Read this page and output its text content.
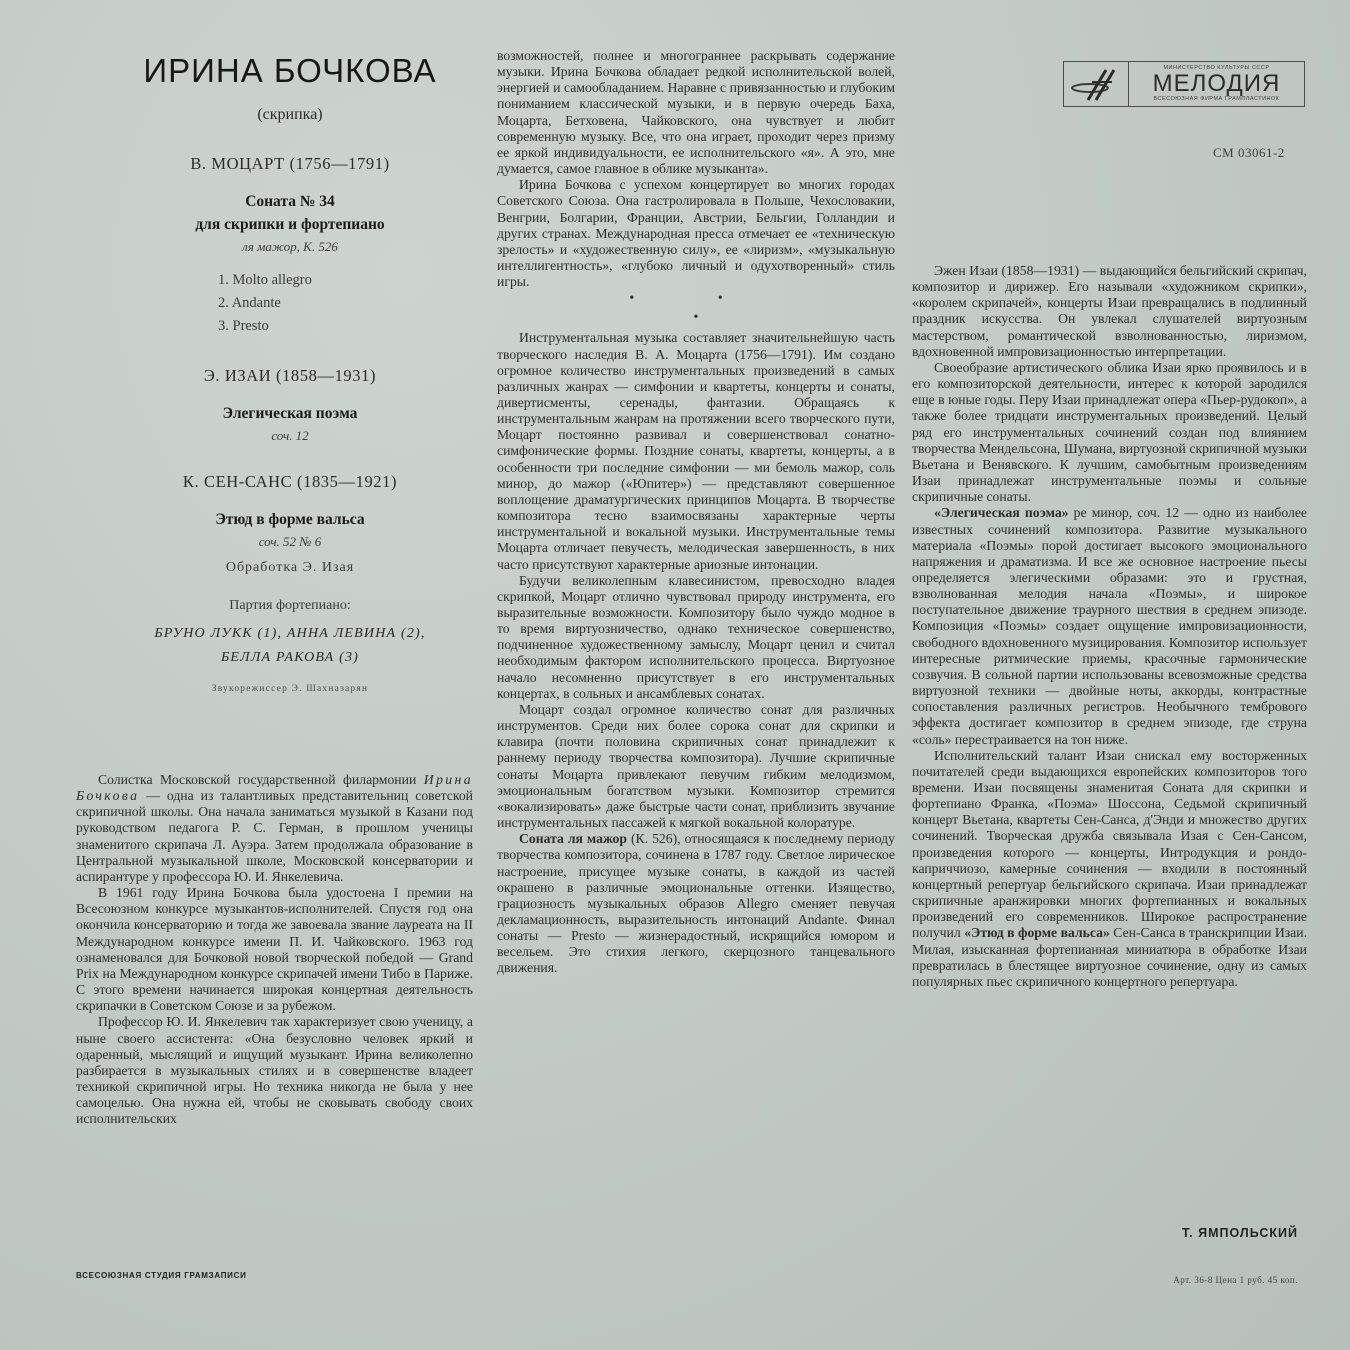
ИРИНА БОЧКОВА
(скрипка)
В. МОЦАРТ (1756—1791)
Соната № 34
для скрипки и фортепиано
ля мажор, К. 526
1. Molto allegro
2. Andante
3. Presto
Э. ИЗАИ (1858—1931)
Элегическая поэма
соч. 12
К. СЕН-САНС (1835—1921)
Этюд в форме вальса
соч. 52 № 6
Обработка Э. Изая
Партия фортепиано:
БРУНО ЛУКК (1), АННА ЛЕВИНА (2),
БЕЛЛА РАКОВА (3)
Звукорежиссер Э. Шахназарян

Солистка Московской государственной филармонии Ирина Бочкова — одна из талантливых представительниц советской скрипичной школы. Она начала заниматься музыкой в Казани под руководством педагога Р. С. Герман, в прошлом ученицы знаменитого скрипача Л. Ауэра. Затем продолжала образование в Центральной музыкальной школе, Московской консерватории и аспирантуре у профессора Ю. И. Янкелевича.

В 1961 году Ирина Бочкова была удостоена I премии на Всесоюзном конкурсе музыкантов-исполнителей. Спустя год она окончила консерваторию и тогда же завоевала звание лауреата на II Международном конкурсе имени П. И. Чайковского. 1963 год ознаменовался для Бочковой новой творческой победой — Grand Prix на Международном конкурсе скрипачей имени Тибо в Париже. С этого времени начинается широкая концертная деятельность скрипачки в Советском Союзе и за рубежом.

Профессор Ю. И. Янкелевич так характеризует свою ученицу, а ныне своего ассистента: «Она безусловно человек яркий и одаренный, мыслящий и ищущий музыкант. Ирина великолепно разбирается в музыкальных стилях и в совершенстве владеет техникой скрипичной игры. Но техника никогда не была у нее самоцелью. Она нужна ей, чтобы не сковывать свободу своих исполнительских

ВСЕСОЮЗНАЯ СТУДИЯ ГРАМЗАПИСИ

возможностей, полнее и многограннее раскрывать содержание музыки. Ирина Бочкова обладает редкой исполнительской волей, энергией и самообладанием. Наравне с привязанностью и глубоким пониманием классической музыки, и в первую очередь Баха, Моцарта, Бетховена, Чайковского, она чувствует и любит современную музыку. Все, что она играет, проходит через призму ее яркой индивидуальности, ее исполнительского «я». А это, мне думается, самое главное в облике музыканта».

Ирина Бочкова с успехом концертирует во многих городах Советского Союза. Она гастролировала в Польше, Чехословакии, Венгрии, Болгарии, Франции, Австрии, Бельгии, Голландии и других странах. Международная пресса отмечает ее «техническую зрелость» и «художественную силу», ее «лиризм», «музыкальную интеллигентность», «глубоко личный и одухотворенный» стиль игры.

• •
•

Инструментальная музыка составляет значительнейшую часть творческого наследия В. А. Моцарта (1756—1791). Им создано огромное количество инструментальных произведений в самых различных жанрах — симфонии и квартеты, концерты и сонаты, дивертисменты, серенады, фантазии. Обращаясь к инструментальным жанрам на протяжении всего творческого пути, Моцарт постоянно развивал и совершенствовал сонатно-симфонические формы. Поздние сонаты, квартеты, концерты, а в особенности три последние симфонии — ми бемоль мажор, соль минор, до мажор («Юпитер») — представляют совершенное воплощение драматургических принципов Моцарта. В творчестве композитора тесно взаимосвязаны характерные черты инструментальной и вокальной музыки. Инструментальные темы Моцарта отличает певучесть, мелодическая завершенность, в них часто присутствуют характерные ариозные интонации.

Будучи великолепным клавесинистом, превосходно владея скрипкой, Моцарт отлично чувствовал природу инструмента, его выразительные возможности. Композитору было чуждо модное в то время виртуозничество, однако техническое совершенство, подчиненное художественному замыслу, Моцарт ценил и считал необходимым фактором исполнительского процесса. Виртуозное начало несомненно присутствует в его инструментальных концертах, в сольных и ансамблевых сонатах.

Моцарт создал огромное количество сонат для различных инструментов. Среди них более сорока сонат для скрипки и клавира (почти половина скрипичных сонат принадлежит к раннему периоду творчества композитора). Лучшие скрипичные сонаты Моцарта привлекают певучим гибким мелодизмом, эмоциональным богатством музыки. Композитор стремится «вокализировать» даже быстрые части сонат, приблизить звучание инструментальных пассажей к мягкой вокальной колоратуре.

Соната ля мажор (К. 526), относящаяся к последнему периоду творчества композитора, сочинена в 1787 году. Светлое лирическое настроение, присущее музыке сонаты, в каждой из частей окрашено в различные эмоциональные оттенки. Изящество, грациозность музыкальных образов Allegro сменяет певучая декламационность, выразительность интонаций Andante. Финал сонаты — Presto — жизнерадостный, искрящийся юмором и весельем. Это стихия легкого, скерцозного танцевального движения.

МИНИСТЕРСТВО КУЛЬТУРЫ СССР
МЕЛОДИЯ
ВСЕСОЮЗНАЯ ФИРМА ГРАМПЛАСТИНОК
СМ 03061-2

Эжен Изаи (1858—1931) — выдающийся бельгийский скрипач, композитор и дирижер. Его называли «художником скрипки», «королем скрипачей», концерты Изаи превращались в подлинный праздник искусства. Он увлекал слушателей виртуозным мастерством, романтической взволнованностью, лиризмом, вдохновенной импровизационностью интерпретации.

Своеобразие артистического облика Изаи ярко проявилось и в его композиторской деятельности, интерес к которой зародился еще в юные годы. Перу Изаи принадлежат опера «Пьер-рудокоп», а также более тридцати инструментальных произведений. Целый ряд его инструментальных сочинений создан под влиянием творчества Мендельсона, Шумана, виртуозной скрипичной музыки Вьетана и Венявского. К лучшим, самобытным произведениям Изаи принадлежат инструментальные поэмы и сольные скрипичные сонаты.

«Элегическая поэма» ре минор, соч. 12 — одно из наиболее известных сочинений композитора. Развитие музыкального материала «Поэмы» порой достигает высокого эмоционального напряжения и драматизма. И все же основное настроение пьесы определяется элегическими образами: это и грустная, взволнованная мелодия начала «Поэмы», и широкое поступательное движение траурного шествия в среднем эпизоде. Композиция «Поэмы» создает ощущение импровизационности, свободного вдохновенного музицирования. Композитор использует интересные ритмические приемы, красочные гармонические созвучия. В сольной партии использованы всевозможные средства виртуозной техники — двойные ноты, аккорды, контрастные сопоставления различных регистров. Необычного тембрового эффекта достигает композитор в среднем эпизоде, где струна «соль» перестраивается на тон ниже.

Исполнительский талант Изаи снискал ему восторженных почитателей среди выдающихся европейских композиторов того времени. Изаи посвящены знаменитая Соната для скрипки и фортепиано Франка, «Поэма» Шоссона, Седьмой скрипичный концерт Вьетана, квартеты Сен-Санса, д'Энди и множество других сочинений. Творческая дружба связывала Изая с Сен-Сансом, произведения которого — концерты, Интродукция и рондо-каприччиозо, камерные сочинения — входили в постоянный концертный репертуар бельгийского скрипача. Изаи принадлежат скрипичные аранжировки многих фортепианных и вокальных произведений его современников. Широкое распространение получил «Этюд в форме вальса» Сен-Санса в транскрипции Изаи. Милая, изысканная фортепианная миниатюра в обработке Изаи превратилась в блестящее виртуозное сочинение, одну из самых популярных пьес скрипичного концертного репертуара.

Т. ЯМПОЛЬСКИЙ
Арт. 36-8 Цена 1 руб. 45 коп.
